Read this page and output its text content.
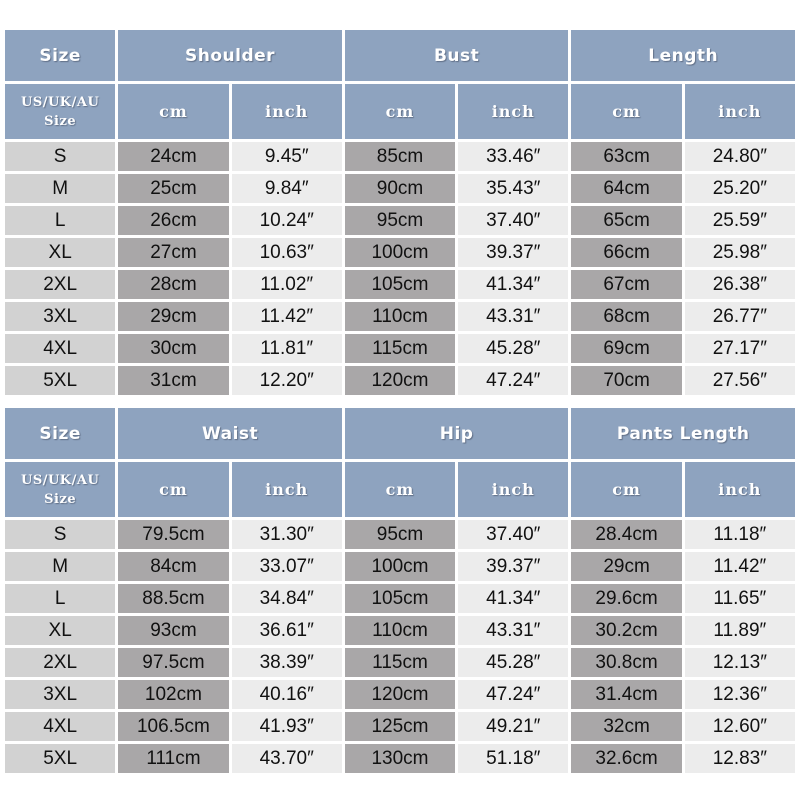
Size	Shoulder		Bust		Length	

US/UK/AU
Size	cm	inch	cm	inch	cm	inch
S	24cm	9.45″	85cm	33.46″	63cm	24.80″
M	25cm	9.84″	90cm	35.43″	64cm	25.20″
L	26cm	10.24″	95cm	37.40″	65cm	25.59″
XL	27cm	10.63″	100cm	39.37″	66cm	25.98″
2XL	28cm	11.02″	105cm	41.34″	67cm	26.38″
3XL	29cm	11.42″	110cm	43.31″	68cm	26.77″
4XL	30cm	11.81″	115cm	45.28″	69cm	27.17″
5XL	31cm	12.20″	120cm	47.24″	70cm	27.56″
Size	Waist		Hip		Pants Length	

US/UK/AU
Size	cm	inch	cm	inch	cm	inch
S	79.5cm	31.30″	95cm	37.40″	28.4cm	11.18″
M	84cm	33.07″	100cm	39.37″	29cm	11.42″
L	88.5cm	34.84″	105cm	41.34″	29.6cm	11.65″
XL	93cm	36.61″	110cm	43.31″	30.2cm	11.89″
2XL	97.5cm	38.39″	115cm	45.28″	30.8cm	12.13″
3XL	102cm	40.16″	120cm	47.24″	31.4cm	12.36″
4XL	106.5cm	41.93″	125cm	49.21″	32cm	12.60″
5XL	111cm	43.70″	130cm	51.18″	32.6cm	12.83″
